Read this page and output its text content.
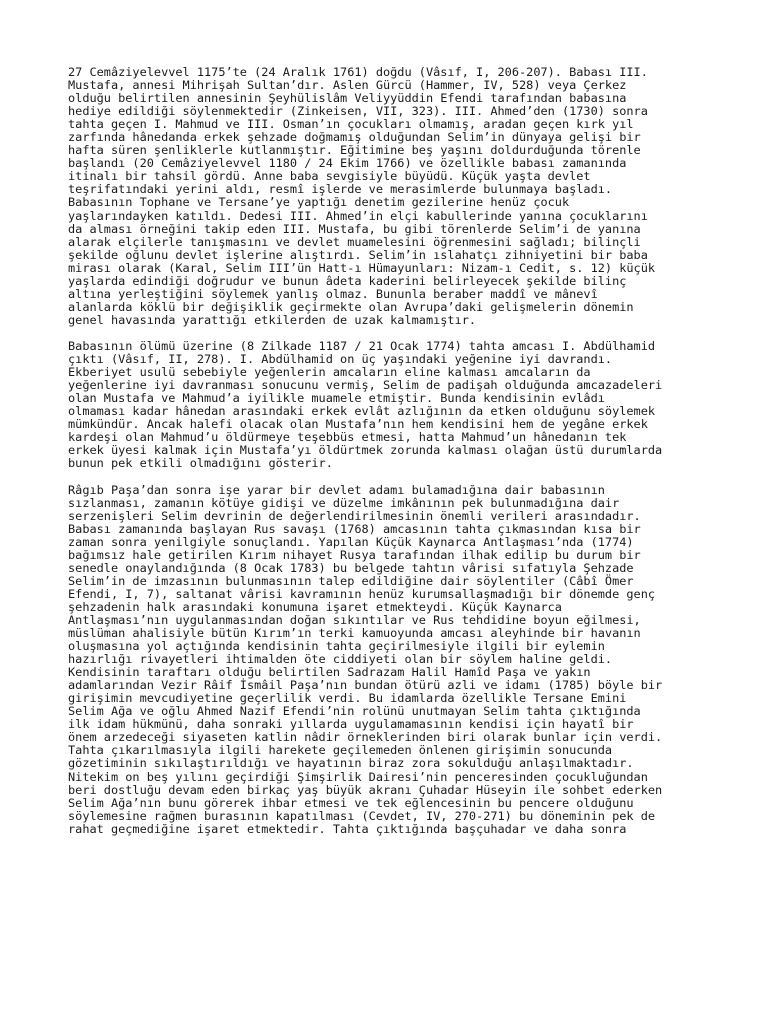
27 Cemâziyelevvel 1175’te (24 Aralık 1761) doğdu (Vâsıf, I, 206-207). Babası III.
Mustafa, annesi Mihrişah Sultan’dır. Aslen Gürcü (Hammer, IV, 528) veya Çerkez
olduğu belirtilen annesinin Şeyhülislâm Veliyyüddin Efendi tarafından babasına
hediye edildiği söylenmektedir (Zinkeisen, VII, 323). III. Ahmed’den (1730) sonra
tahta geçen I. Mahmud ve III. Osman’ın çocukları olmamış, aradan geçen kırk yıl
zarfında hânedanda erkek şehzade doğmamış olduğundan Selim’in dünyaya gelişi bir
hafta süren şenliklerle kutlanmıştır. Eğitimine beş yaşını doldurduğunda törenle
başlandı (20 Cemâziyelevvel 1180 / 24 Ekim 1766) ve özellikle babası zamanında
itinalı bir tahsil gördü. Anne baba sevgisiyle büyüdü. Küçük yaşta devlet
teşrifatındaki yerini aldı, resmî işlerde ve merasimlerde bulunmaya başladı.
Babasının Tophane ve Tersane’ye yaptığı denetim gezilerine henüz çocuk
yaşlarındayken katıldı. Dedesi III. Ahmed’in elçi kabullerinde yanına çocuklarını
da alması örneğini takip eden III. Mustafa, bu gibi törenlerde Selim’i de yanına
alarak elçilerle tanışmasını ve devlet muamelesini öğrenmesini sağladı; bilinçli
şekilde oğlunu devlet işlerine alıştırdı. Selim’in ıslahatçı zihniyetini bir baba
mirası olarak (Karal, Selim III’ün Hatt-ı Hümayunları: Nizam-ı Cedit, s. 12) küçük
yaşlarda edindiği doğrudur ve bunun âdeta kaderini belirleyecek şekilde bilinç
altına yerleştiğini söylemek yanlış olmaz. Bununla beraber maddî ve mânevî
alanlarda köklü bir değişiklik geçirmekte olan Avrupa’daki gelişmelerin dönemin
genel havasında yarattığı etkilerden de uzak kalmamıştır.
Babasının ölümü üzerine (8 Zilkade 1187 / 21 Ocak 1774) tahta amcası I. Abdülhamid
çıktı (Vâsıf, II, 278). I. Abdülhamid on üç yaşındaki yeğenine iyi davrandı.
Ekberiyet usulü sebebiyle yeğenlerin amcaların eline kalması amcaların da
yeğenlerine iyi davranması sonucunu vermiş, Selim de padişah olduğunda amcazadeleri
olan Mustafa ve Mahmud’a iyilikle muamele etmiştir. Bunda kendisinin evlâdı
olmaması kadar hânedan arasındaki erkek evlât azlığının da etken olduğunu söylemek
mümkündür. Ancak halefi olacak olan Mustafa’nın hem kendisini hem de yegâne erkek
kardeşi olan Mahmud’u öldürmeye teşebbüs etmesi, hatta Mahmud’un hânedanın tek
erkek üyesi kalmak için Mustafa’yı öldürtmek zorunda kalması olağan üstü durumlarda
bunun pek etkili olmadığını gösterir.
Râgıb Paşa’dan sonra işe yarar bir devlet adamı bulamadığına dair babasının
sızlanması, zamanın kötüye gidişi ve düzelme imkânının pek bulunmadığına dair
serzenişleri Selim devrinin de değerlendirilmesinin önemli verileri arasındadır.
Babası zamanında başlayan Rus savaşı (1768) amcasının tahta çıkmasından kısa bir
zaman sonra yenilgiyle sonuçlandı. Yapılan Küçük Kaynarca Antlaşması’nda (1774)
bağımsız hale getirilen Kırım nihayet Rusya tarafından ilhak edilip bu durum bir
senedle onaylandığında (8 Ocak 1783) bu belgede tahtın vârisi sıfatıyla Şehzade
Selim’in de imzasının bulunmasının talep edildiğine dair söylentiler (Câbî Ömer
Efendi, I, 7), saltanat vârisi kavramının henüz kurumsallaşmadığı bir dönemde genç
şehzadenin halk arasındaki konumuna işaret etmekteydi. Küçük Kaynarca
Antlaşması’nın uygulanmasından doğan sıkıntılar ve Rus tehdidine boyun eğilmesi,
müslüman ahalisiyle bütün Kırım’ın terki kamuoyunda amcası aleyhinde bir havanın
oluşmasına yol açtığında kendisinin tahta geçirilmesiyle ilgili bir eylemin
hazırlığı rivayetleri ihtimalden öte ciddiyeti olan bir söylem haline geldi.
Kendisinin taraftarı olduğu belirtilen Sadrazam Halil Hamîd Paşa ve yakın
adamlarından Vezir Râif İsmâil Paşa’nın bundan ötürü azli ve idamı (1785) böyle bir
girişimin mevcudiyetine geçerlilik verdi. Bu idamlarda özellikle Tersane Emini
Selim Ağa ve oğlu Ahmed Nazif Efendi’nin rolünü unutmayan Selim tahta çıktığında
ilk idam hükmünü, daha sonraki yıllarda uygulamamasının kendisi için hayatî bir
önem arzedeceği siyaseten katlin nâdir örneklerinden biri olarak bunlar için verdi.
Tahta çıkarılmasıyla ilgili harekete geçilemeden önlenen girişimin sonucunda
gözetiminin sıkılaştırıldığı ve hayatının biraz zora sokulduğu anlaşılmaktadır.
Nitekim on beş yılını geçirdiği Şimşirlik Dairesi’nin penceresinden çocukluğundan
beri dostluğu devam eden birkaç yaş büyük akranı Çuhadar Hüseyin ile sohbet ederken
Selim Ağa’nın bunu görerek ihbar etmesi ve tek eğlencesinin bu pencere olduğunu
söylemesine rağmen burasının kapatılması (Cevdet, IV, 270-271) bu döneminin pek de
rahat geçmediğine işaret etmektedir. Tahta çıktığında başçuhadar ve daha sonra
